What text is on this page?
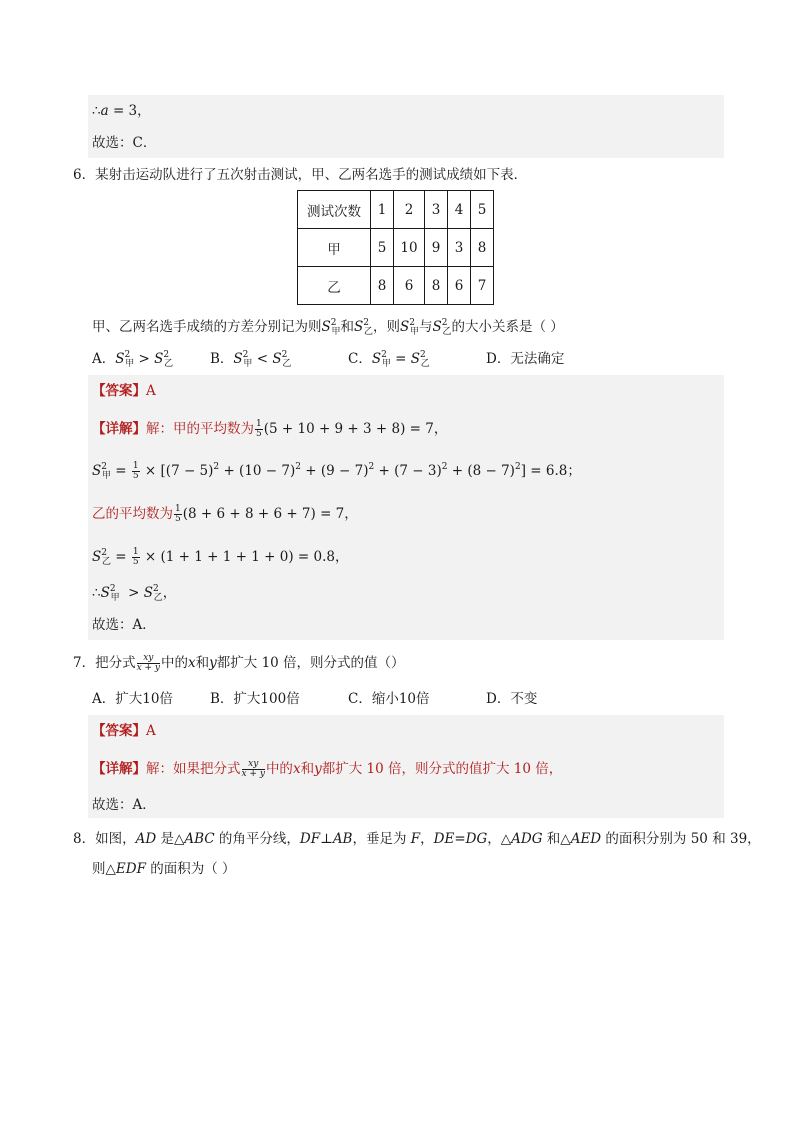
∴a = 3，
故选：C．
6．某射击运动队进行了五次射击测试，甲、乙两名选手的测试成绩如下表．
测试次数	1	2	3	4	5
甲	5	10	9	3	8
乙	8	6	8	6	7
甲、乙两名选手成绩的方差分别记为则$S^2_甲$和$S^2_乙$，则$S^2_甲$与$S^2_乙$的大小关系是（ ）
A．$S^2_甲 > S^2_乙$	B．$S^2_甲 < S^2_乙$	C．$S^2_甲 = S^2_乙$	D．无法确定
【答案】A
【详解】解：甲的平均数为 $\frac{1}{5} (5 + 10 + 9 + 3 + 8) = 7$，
$S^2_甲 = \frac{1}{5} \times [(7 - 5)^2 + (10 - 7)^2 + (9 - 7)^2 + (7 - 3)^2 + (8 - 7)^2] = 6.8$；
乙的平均数为 $\frac{1}{5} (8 + 6 + 8 + 6 + 7) = 7$，
$S^2_乙 = \frac{1}{5} \times (1 + 1 + 1 + 1 + 0) = 0.8$，
$\therefore S^2_甲 > S^2_乙$，
故选：A．
7．把分式 $\frac{xy}{x + y}$ 中的x和y都扩大 10 倍，则分式的值（）
A．扩大10倍	B．扩大100倍	C．缩小10倍	D．不变
【答案】A
【详解】解：如果把分式 $\frac{xy}{x + y}$ 中的x和y都扩大 10 倍，则分式的值扩大 10 倍，
故选：A．
8．如图，AD 是△ABC 的角平分线，DF⊥AB，垂足为 F，DE=DG，△ADG 和△AED 的面积分别为 50 和 39，
则△EDF 的面积为（ ）
